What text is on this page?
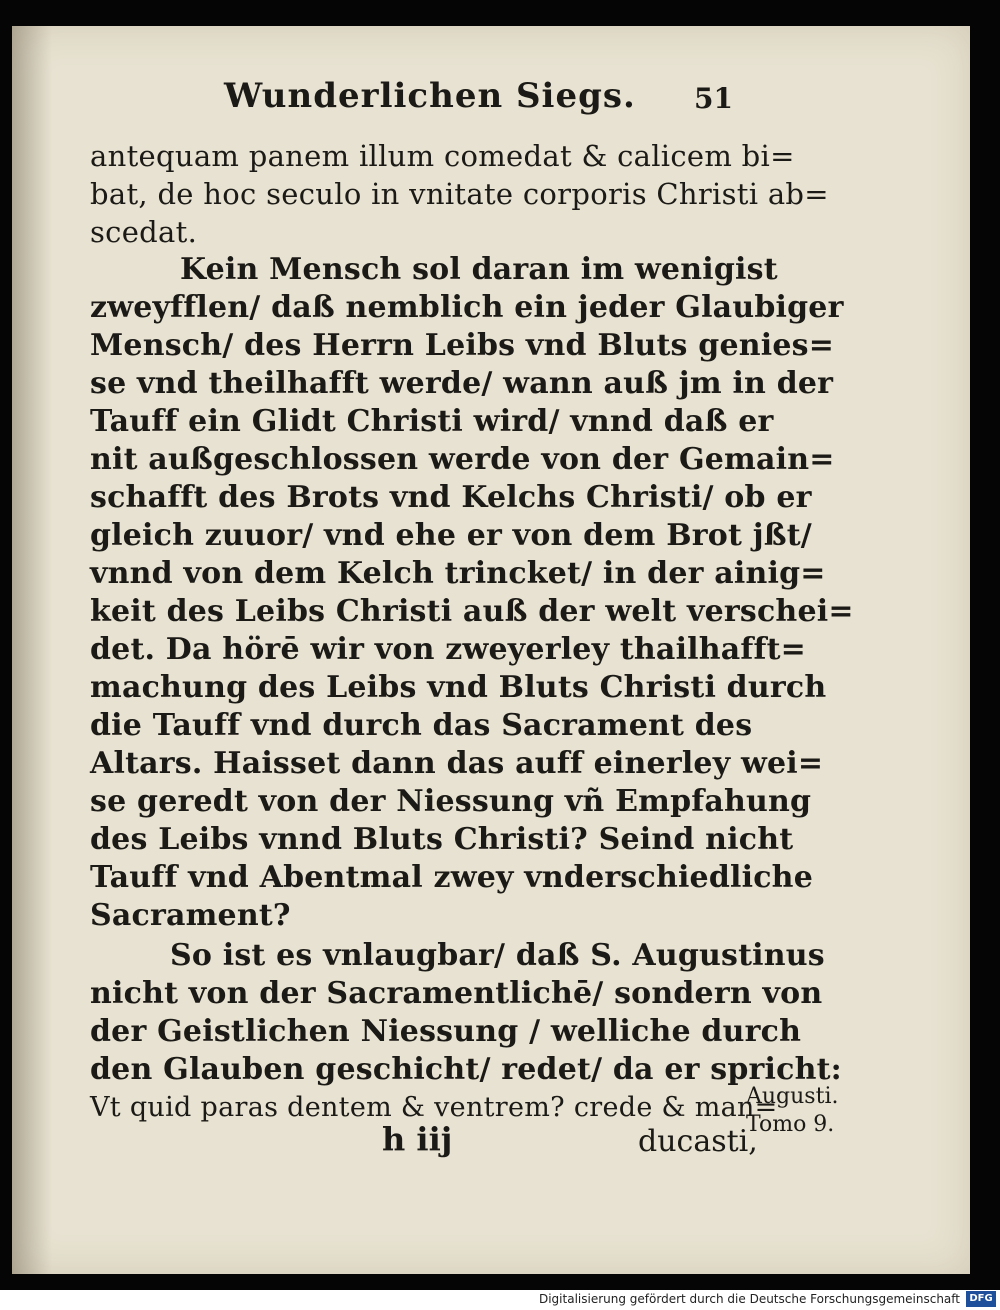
Wunderlichen Siegs. 51
antequam panem illum comedat & calicem bi=
bat, de hoc seculo in vnitate corporis Christi ab=
scedat.
Kein Mensch sol daran im wenigist
zweyfflen/ daß nemblich ein jeder Glaubiger
Mensch/ des Herrn Leibs vnd Bluts genies=
se vnd theilhafft werde/ wann auß jm in der
Tauff ein Glidt Christi wird/ vnnd daß er
nit außgeschlossen werde von der Gemain=
schafft des Brots vnd Kelchs Christi/ ob er
gleich zuuor/ vnd ehe er von dem Brot jßt/
vnnd von dem Kelch trincket/ in der ainig=
keit des Leibs Christi auß der welt verschei=
det. Da hörē wir von zweyerley thailhafft=
machung des Leibs vnd Bluts Christi durch
die Tauff vnd durch das Sacrament des
Altars. Haisset dann das auff einerley wei=
se geredt von der Niessung vñ Empfahung
des Leibs vnnd Bluts Christi? Seind nicht
Tauff vnd Abentmal zwey vnderschiedliche
Sacrament?
So ist es vnlaugbar/ daß S. Augustinus
nicht von der Sacramentlichē/ sondern von
der Geistlichen Niessung / welliche durch
den Glauben geschicht/ redet/ da er spricht:
Vt quid paras dentem & ventrem? crede & man=
Augusti.
Tomo 9.
h iij	ducasti,
Digitalisierung gefördert durch die Deutsche Forschungsgemeinschaft DFG
